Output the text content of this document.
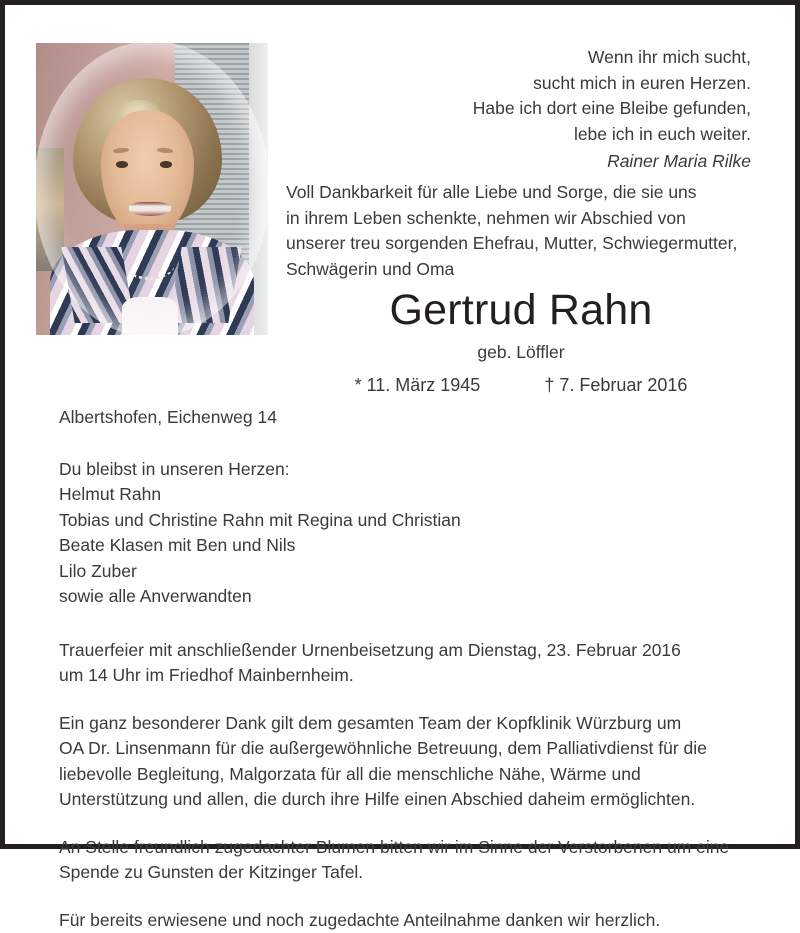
Wenn ihr mich sucht,
sucht mich in euren Herzen.
Habe ich dort eine Bleibe gefunden,
lebe ich in euch weiter.
Rainer Maria Rilke
Voll Dankbarkeit für alle Liebe und Sorge, die sie uns
in ihrem Leben schenkte, nehmen wir Abschied von
unserer treu sorgenden Ehefrau, Mutter, Schwiegermutter,
Schwägerin und Oma
Gertrud Rahn
geb. Löffler
* 11. März 1945	† 7. Februar 2016
Albertshofen, Eichenweg 14
Du bleibst in unseren Herzen:
Helmut Rahn
Tobias und Christine Rahn mit Regina und Christian
Beate Klasen mit Ben und Nils
Lilo Zuber
sowie alle Anverwandten
Trauerfeier mit anschließender Urnenbeisetzung am Dienstag, 23. Februar 2016
um 14 Uhr im Friedhof Mainbernheim.
Ein ganz besonderer Dank gilt dem gesamten Team der Kopfklinik Würzburg um
OA Dr. Linsenmann für die außergewöhnliche Betreuung, dem Palliativdienst für die
liebevolle Begleitung, Malgorzata für all die menschliche Nähe, Wärme und
Unterstützung und allen, die durch ihre Hilfe einen Abschied daheim ermöglichten.
An Stelle freundlich zugedachter Blumen bitten wir im Sinne der Verstorbenen um eine
Spende zu Gunsten der Kitzinger Tafel.
Für bereits erwiesene und noch zugedachte Anteilnahme danken wir herzlich.
